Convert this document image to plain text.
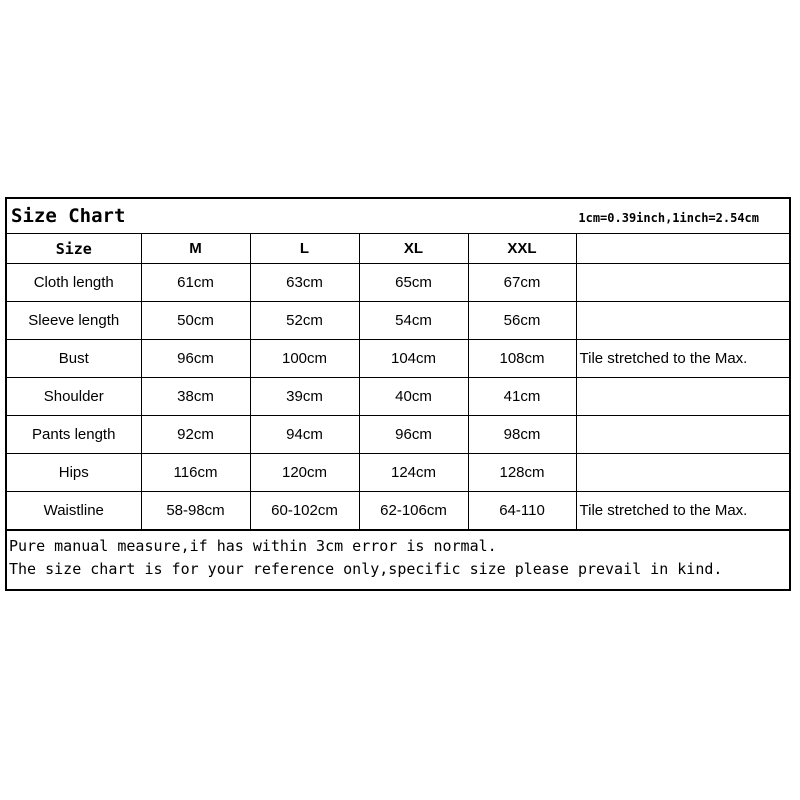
Size Chart	1cm=0.39inch,1inch=2.54cm
Size	M	L	XL	XXL	
Cloth length	61cm	63cm	65cm	67cm	
Sleeve length	50cm	52cm	54cm	56cm	
Bust	96cm	100cm	104cm	108cm	Tile stretched to the Max.
Shoulder	38cm	39cm	40cm	41cm	
Pants length	92cm	94cm	96cm	98cm	
Hips	116cm	120cm	124cm	128cm	
Waistline	58-98cm	60-102cm	62-106cm	64-110	Tile stretched to the Max.
Pure manual measure,if has within 3cm error is normal.
The size chart is for your reference only,specific size please prevail in kind.
